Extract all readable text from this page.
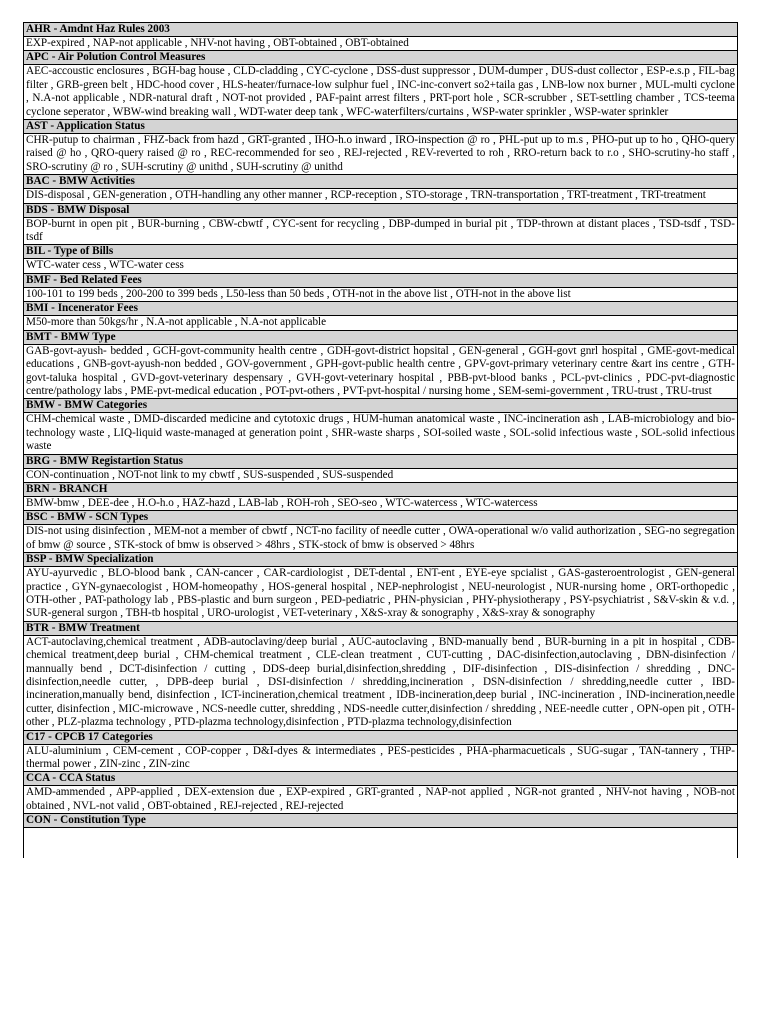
AHR - Amdnt Haz Rules 2003
EXP-expired , NAP-not applicable , NHV-not having , OBT-obtained , OBT-obtained
APC - Air Polution Control Measures
AEC-accoustic enclosures , BGH-bag house , CLD-cladding , CYC-cyclone , DSS-dust suppressor , DUM-dumper , DUS-dust collector , ESP-e.s.p , FIL-bag filter , GRB-green belt , HDC-hood cover , HLS-heater/furnace-low sulphur fuel , INC-inc-convert so2+taila gas , LNB-low nox burner , MUL-multi cyclone , N.A-not applicable , NDR-natural draft , NOT-not provided , PAF-paint arrest filters , PRT-port hole , SCR-scrubber , SET-settling chamber , TCS-teema cyclone seperator , WBW-wind breaking wall , WDT-water deep tank , WFC-waterfilters/curtains , WSP-water sprinkler , WSP-water sprinkler
AST - Application Status
CHR-putup to chairman , FHZ-back from hazd , GRT-granted , IHO-h.o inward , IRO-inspection @ ro , PHL-put up to m.s , PHO-put up to ho , QHO-query raised @ ho , QRO-query raised @ ro , REC-recommended for seo , REJ-rejected , REV-reverted to roh , RRO-return back to r.o , SHO-scrutiny-ho staff , SRO-scrutiny @ ro , SUH-scrutiny @ unithd , SUH-scrutiny @ unithd
BAC - BMW Activities
DIS-disposal , GEN-generation , OTH-handling any other manner , RCP-reception , STO-storage , TRN-transportation , TRT-treatment , TRT-treatment
BDS - BMW Disposal
BOP-burnt in open pit , BUR-burning , CBW-cbwtf , CYC-sent for recycling , DBP-dumped in burial pit , TDP-thrown at distant places , TSD-tsdf , TSD-tsdf
BIL - Type of Bills
WTC-water cess , WTC-water cess
BMF - Bed Related Fees
100-101 to 199 beds , 200-200 to 399 beds , L50-less than 50 beds , OTH-not in the above list , OTH-not in the above list
BMI - Incenerator Fees
M50-more than 50kgs/hr , N.A-not applicable , N.A-not applicable
BMT - BMW Type
GAB-govt-ayush- bedded , GCH-govt-community health centre , GDH-govt-district hopsital , GEN-general , GGH-govt gnrl hospital , GME-govt-medical educations , GNB-govt-ayush-non bedded , GOV-government , GPH-govt-public health centre , GPV-govt-primary veterinary centre &art ins centre , GTH-govt-taluka hospital , GVD-govt-veterinary despensary , GVH-govt-veterinary hospital , PBB-pvt-blood banks , PCL-pvt-clinics , PDC-pvt-diagnostic centre/pathology labs , PME-pvt-medical education , POT-pvt-others , PVT-pvt-hospital / nursing home , SEM-semi-government , TRU-trust , TRU-trust
BMW - BMW Categories
CHM-chemical waste , DMD-discarded medicine and cytotoxic drugs , HUM-human anatomical waste , INC-incineration ash , LAB-microbiology and bio-technology waste , LIQ-liquid waste-managed at generation point , SHR-waste sharps , SOI-soiled waste , SOL-solid infectious waste , SOL-solid infectious waste
BRG - BMW Registartion Status
CON-continuation , NOT-not link to my cbwtf , SUS-suspended , SUS-suspended
BRN - BRANCH
BMW-bmw , DEE-dee , H.O-h.o , HAZ-hazd , LAB-lab , ROH-roh , SEO-seo , WTC-watercess , WTC-watercess
BSC - BMW - SCN Types
DIS-not using disinfection , MEM-not a member of cbwtf , NCT-no facility of needle cutter , OWA-operational w/o valid authorization , SEG-no segregation of bmw @ source , STK-stock of bmw is observed > 48hrs , STK-stock of bmw is observed > 48hrs
BSP - BMW Specialization
AYU-ayurvedic , BLO-blood bank , CAN-cancer , CAR-cardiologist , DET-dental , ENT-ent , EYE-eye spcialist , GAS-gasteroentrologist , GEN-general practice , GYN-gynaecologist , HOM-homeopathy , HOS-general hospital , NEP-nephrologist , NEU-neurologist , NUR-nursing home , ORT-orthopedic , OTH-other , PAT-pathology lab , PBS-plastic and burn surgeon , PED-pediatric , PHN-physician , PHY-physiotherapy , PSY-psychiatrist , S&V-skin & v.d. , SUR-general surgon , TBH-tb hospital , URO-urologist , VET-veterinary , X&S-xray & sonography , X&S-xray & sonography
BTR - BMW Treatment
ACT-autoclaving,chemical treatment , ADB-autoclaving/deep burial , AUC-autoclaving , BND-manually bend , BUR-burning in a pit in hospital , CDB-chemical treatment,deep burial , CHM-chemical treatment , CLE-clean treatment , CUT-cutting , DAC-disinfection,autoclaving , DBN-disinfection / mannually bend , DCT-disinfection / cutting , DDS-deep burial,disinfection,shredding , DIF-disinfection , DIS-disinfection / shredding , DNC-disinfection,needle cutter, , DPB-deep burial , DSI-disinfection / shredding,incineration , DSN-disinfection / shredding,needle cutter , IBD-incineration,manually bend, disinfection , ICT-incineration,chemical treatment , IDB-incineration,deep burial , INC-incineration , IND-incineration,needle cutter, disinfection , MIC-microwave , NCS-needle cutter, shredding , NDS-needle cutter,disinfection / shredding , NEE-needle cutter , OPN-open pit , OTH-other , PLZ-plazma technology , PTD-plazma technology,disinfection , PTD-plazma technology,disinfection
C17 - CPCB 17 Categories
ALU-aluminium , CEM-cement , COP-copper , D&I-dyes & intermediates , PES-pesticides , PHA-pharmacueticals , SUG-sugar , TAN-tannery , THP-thermal power , ZIN-zinc , ZIN-zinc
CCA - CCA Status
AMD-ammended , APP-applied , DEX-extension due , EXP-expired , GRT-granted , NAP-not applied , NGR-not granted , NHV-not having , NOB-not obtained , NVL-not valid , OBT-obtained , REJ-rejected , REJ-rejected
CON - Constitution Type
